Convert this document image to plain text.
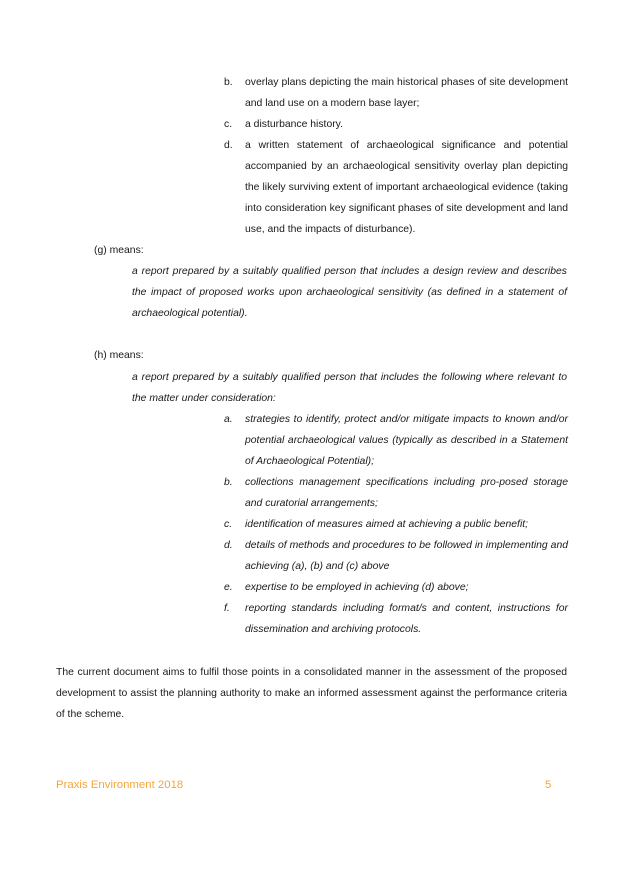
b.	overlay plans depicting the main historical phases of site development and land use on a modern base layer;
c.	a disturbance history.
d.	a written statement of archaeological significance and potential accompanied by an archaeological sensitivity overlay plan depicting the likely surviving extent of important archaeological evidence (taking into consideration key significant phases of site development and land use, and the impacts of disturbance).
(g) means:
a report prepared by a suitably qualified person that includes a design review and describes the impact of proposed works upon archaeological sensitivity (as defined in a statement of archaeological potential).
(h) means:
a report prepared by a suitably qualified person that includes the following where relevant to the matter under consideration:
a.	strategies to identify, protect and/or mitigate impacts to known and/or potential archaeological values (typically as described in a Statement of Archaeological Potential);
b.	collections management specifications including pro-posed storage and curatorial arrangements;
c.	identification of measures aimed at achieving a public benefit;
d.	details of methods and procedures to be followed in implementing and achieving (a), (b) and (c) above
e.	expertise to be employed in achieving (d) above;
f.	reporting standards including format/s and content, instructions for dissemination and archiving protocols.
The current document aims to fulfil those points in a consolidated manner in the assessment of the proposed development to assist the planning authority to make an informed assessment against the performance criteria of the scheme.
Praxis Environment 2018	5
